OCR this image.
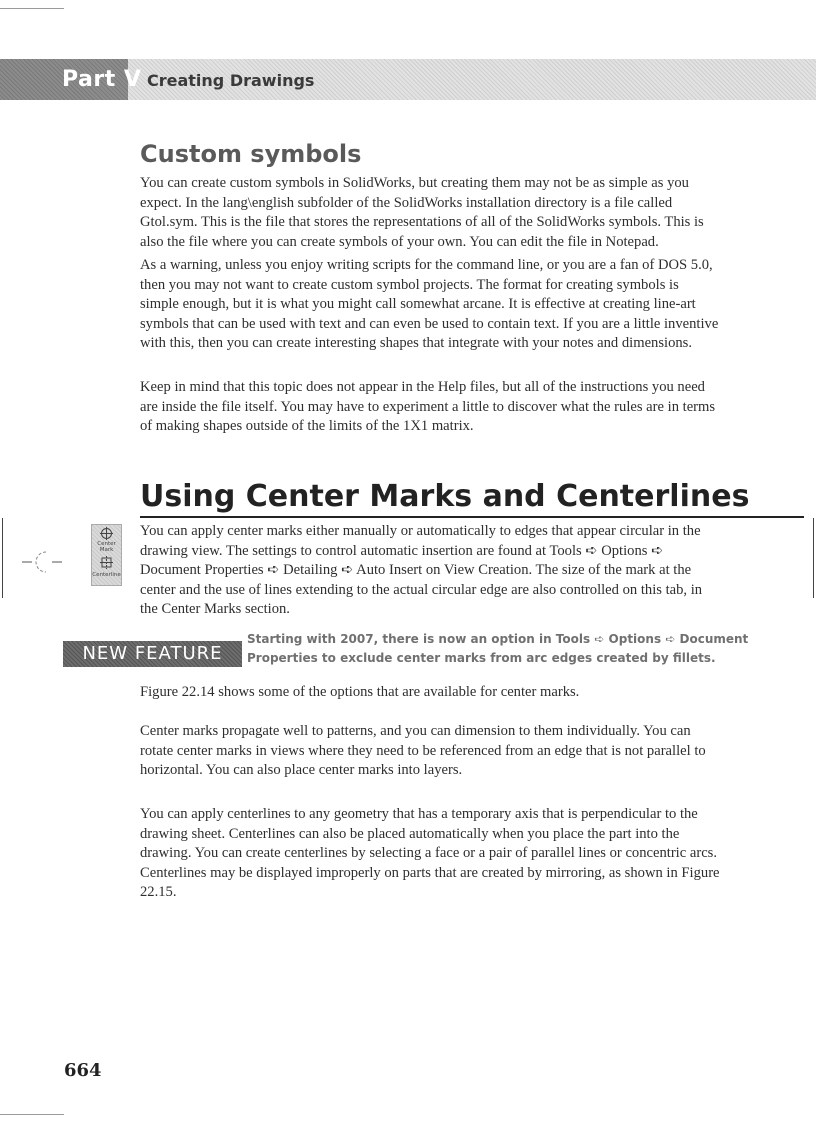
Part V Creating Drawings
Custom symbols

You can create custom symbols in SolidWorks, but creating them may not be as simple as you expect. In the lang\english subfolder of the SolidWorks installation directory is a file called Gtol.sym. This is the file that stores the representations of all of the SolidWorks symbols. This is also the file where you can create symbols of your own. You can edit the file in Notepad.

As a warning, unless you enjoy writing scripts for the command line, or you are a fan of DOS 5.0, then you may not want to create custom symbol projects. The format for creating symbols is simple enough, but it is what you might call somewhat arcane. It is effective at creating line-art symbols that can be used with text and can even be used to contain text. If you are a little inventive with this, then you can create interesting shapes that integrate with your notes and dimensions.

Keep in mind that this topic does not appear in the Help files, but all of the instructions you need are inside the file itself. You may have to experiment a little to discover what the rules are in terms of making shapes outside of the limits of the 1X1 matrix.

Using Center Marks and Centerlines
Center Mark
Centerline

You can apply center marks either manually or automatically to edges that appear circular in the drawing view. The settings to control automatic insertion are found at Tools ➪ Options ➪ Document Properties ➪ Detailing ➪ Auto Insert on View Creation. The size of the mark at the center and the use of lines extending to the actual circular edge are also controlled on this tab, in the Center Marks section.

NEW FEATURE

Starting with 2007, there is now an option in Tools ➪ Options ➪ Document Properties to exclude center marks from arc edges created by fillets.

Figure 22.14 shows some of the options that are available for center marks.

Center marks propagate well to patterns, and you can dimension to them individually. You can rotate center marks in views where they need to be referenced from an edge that is not parallel to horizontal. You can also place center marks into layers.

You can apply centerlines to any geometry that has a temporary axis that is perpendicular to the drawing sheet. Centerlines can also be placed automatically when you place the part into the drawing. You can create centerlines by selecting a face or a pair of parallel lines or concentric arcs. Centerlines may be displayed improperly on parts that are created by mirroring, as shown in Figure 22.15.

664
